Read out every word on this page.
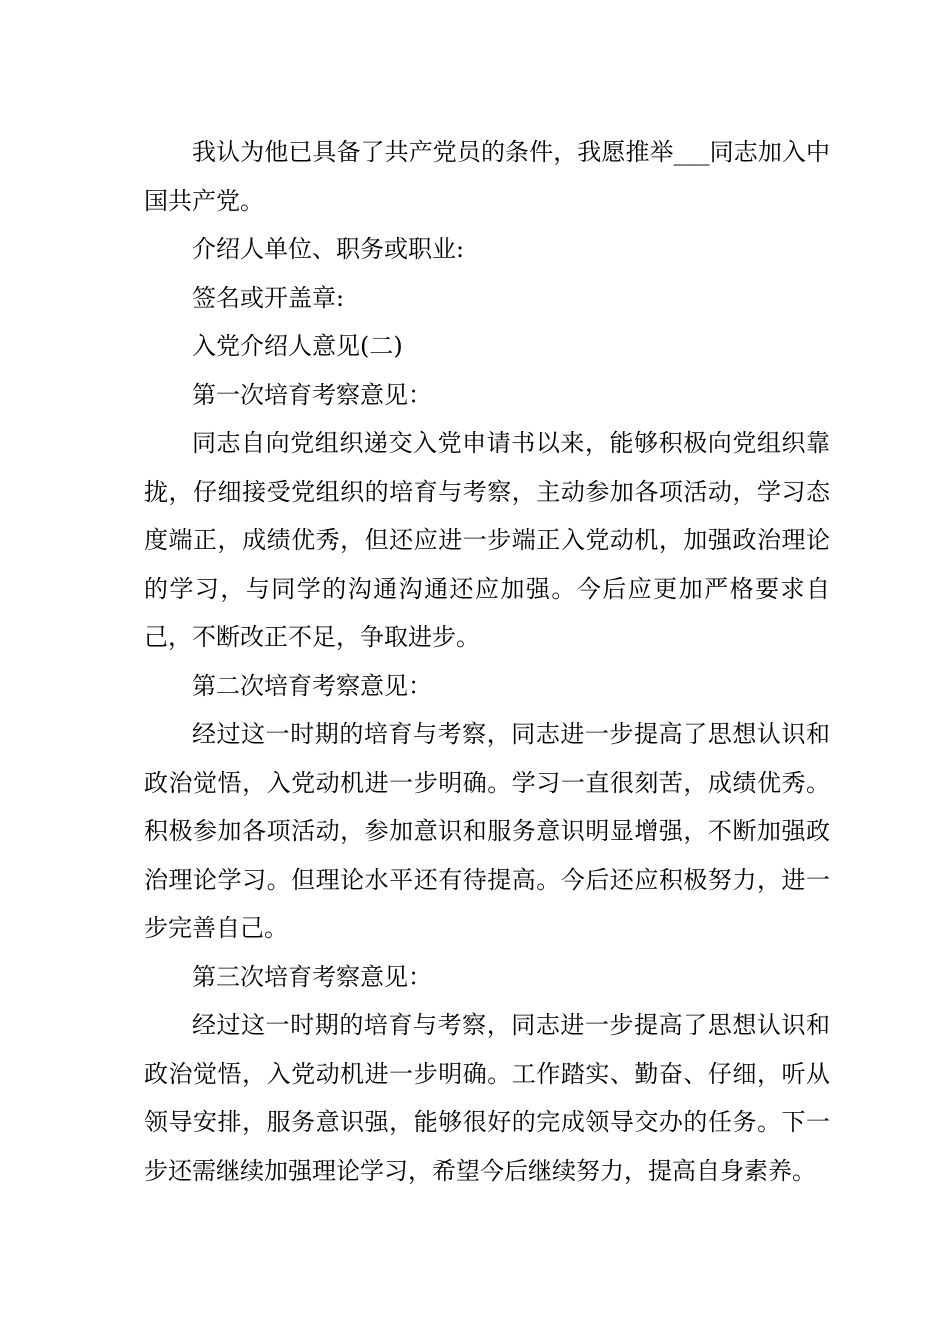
我认为他已具备了共产党员的条件，我愿推举___同志加入中国共产党。

介绍人单位、职务或职业:

签名或开盖章:

入党介绍人意见(二)

第一次培育考察意见：

同志自向党组织递交入党申请书以来，能够积极向党组织靠拢，仔细接受党组织的培育与考察，主动参加各项活动，学习态度端正，成绩优秀，但还应进一步端正入党动机，加强政治理论的学习，与同学的沟通沟通还应加强。今后应更加严格要求自己，不断改正不足，争取进步。

第二次培育考察意见：

经过这一时期的培育与考察，同志进一步提高了思想认识和政治觉悟，入党动机进一步明确。学习一直很刻苦，成绩优秀。积极参加各项活动，参加意识和服务意识明显增强，不断加强政治理论学习。但理论水平还有待提高。今后还应积极努力，进一步完善自己。

第三次培育考察意见：

经过这一时期的培育与考察，同志进一步提高了思想认识和政治觉悟，入党动机进一步明确。工作踏实、勤奋、仔细，听从领导安排，服务意识强，能够很好的完成领导交办的任务。下一步还需继续加强理论学习，希望今后继续努力，提高自身素养。
